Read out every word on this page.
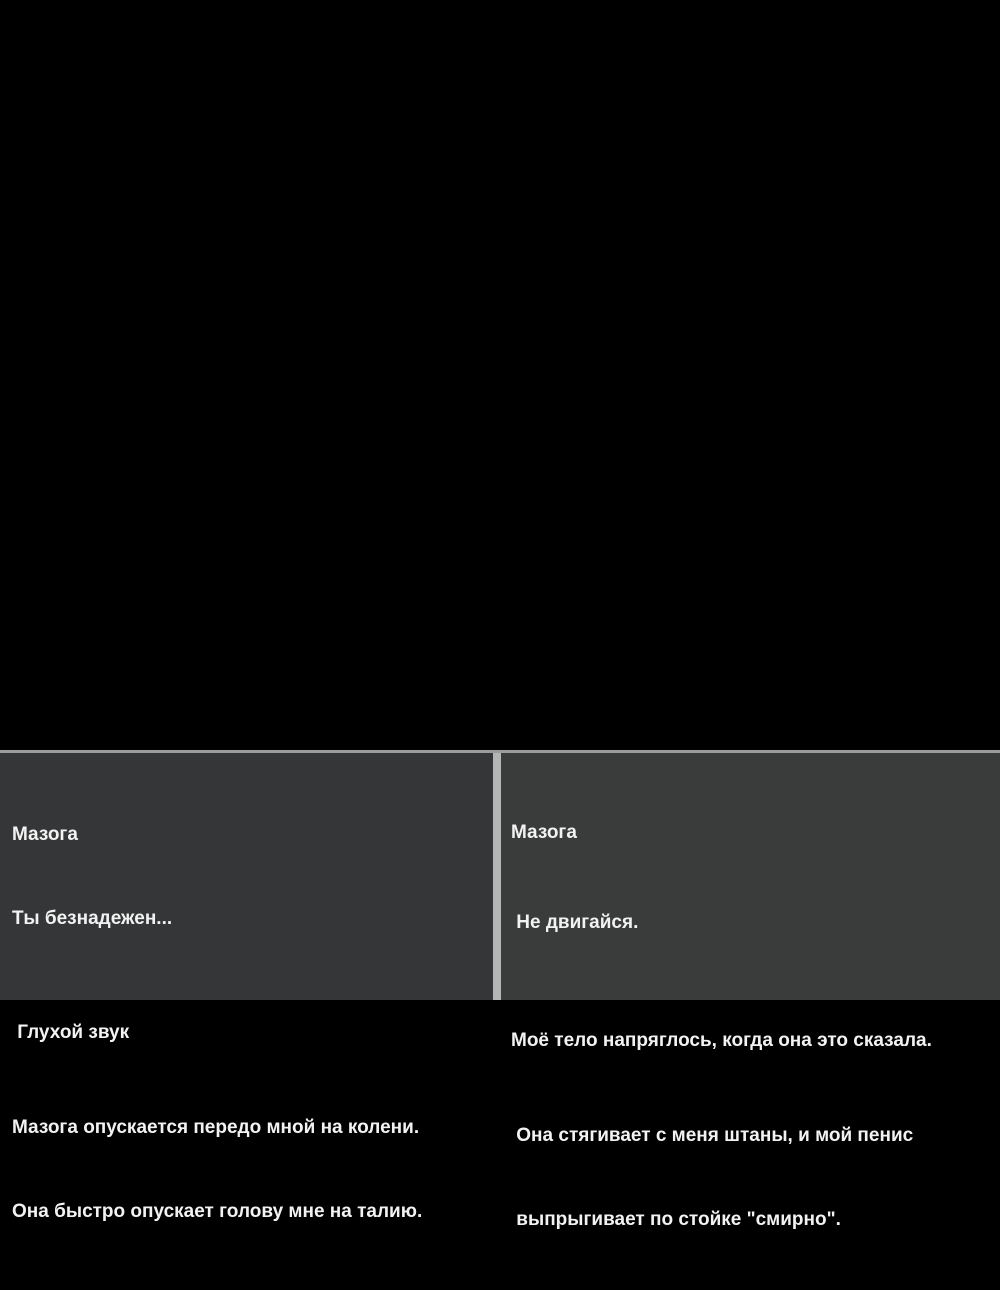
Мазога

Ты безнадежен...

Глухой звук

Мазога опускается передо мной на колени.

Она быстро опускает голову мне на талию.

Мазога

Не двигайся.

Моё тело напряглось, когда она это сказала.

Она стягивает с меня штаны, и мой пенис

выпрыгивает по стойке "смирно".
